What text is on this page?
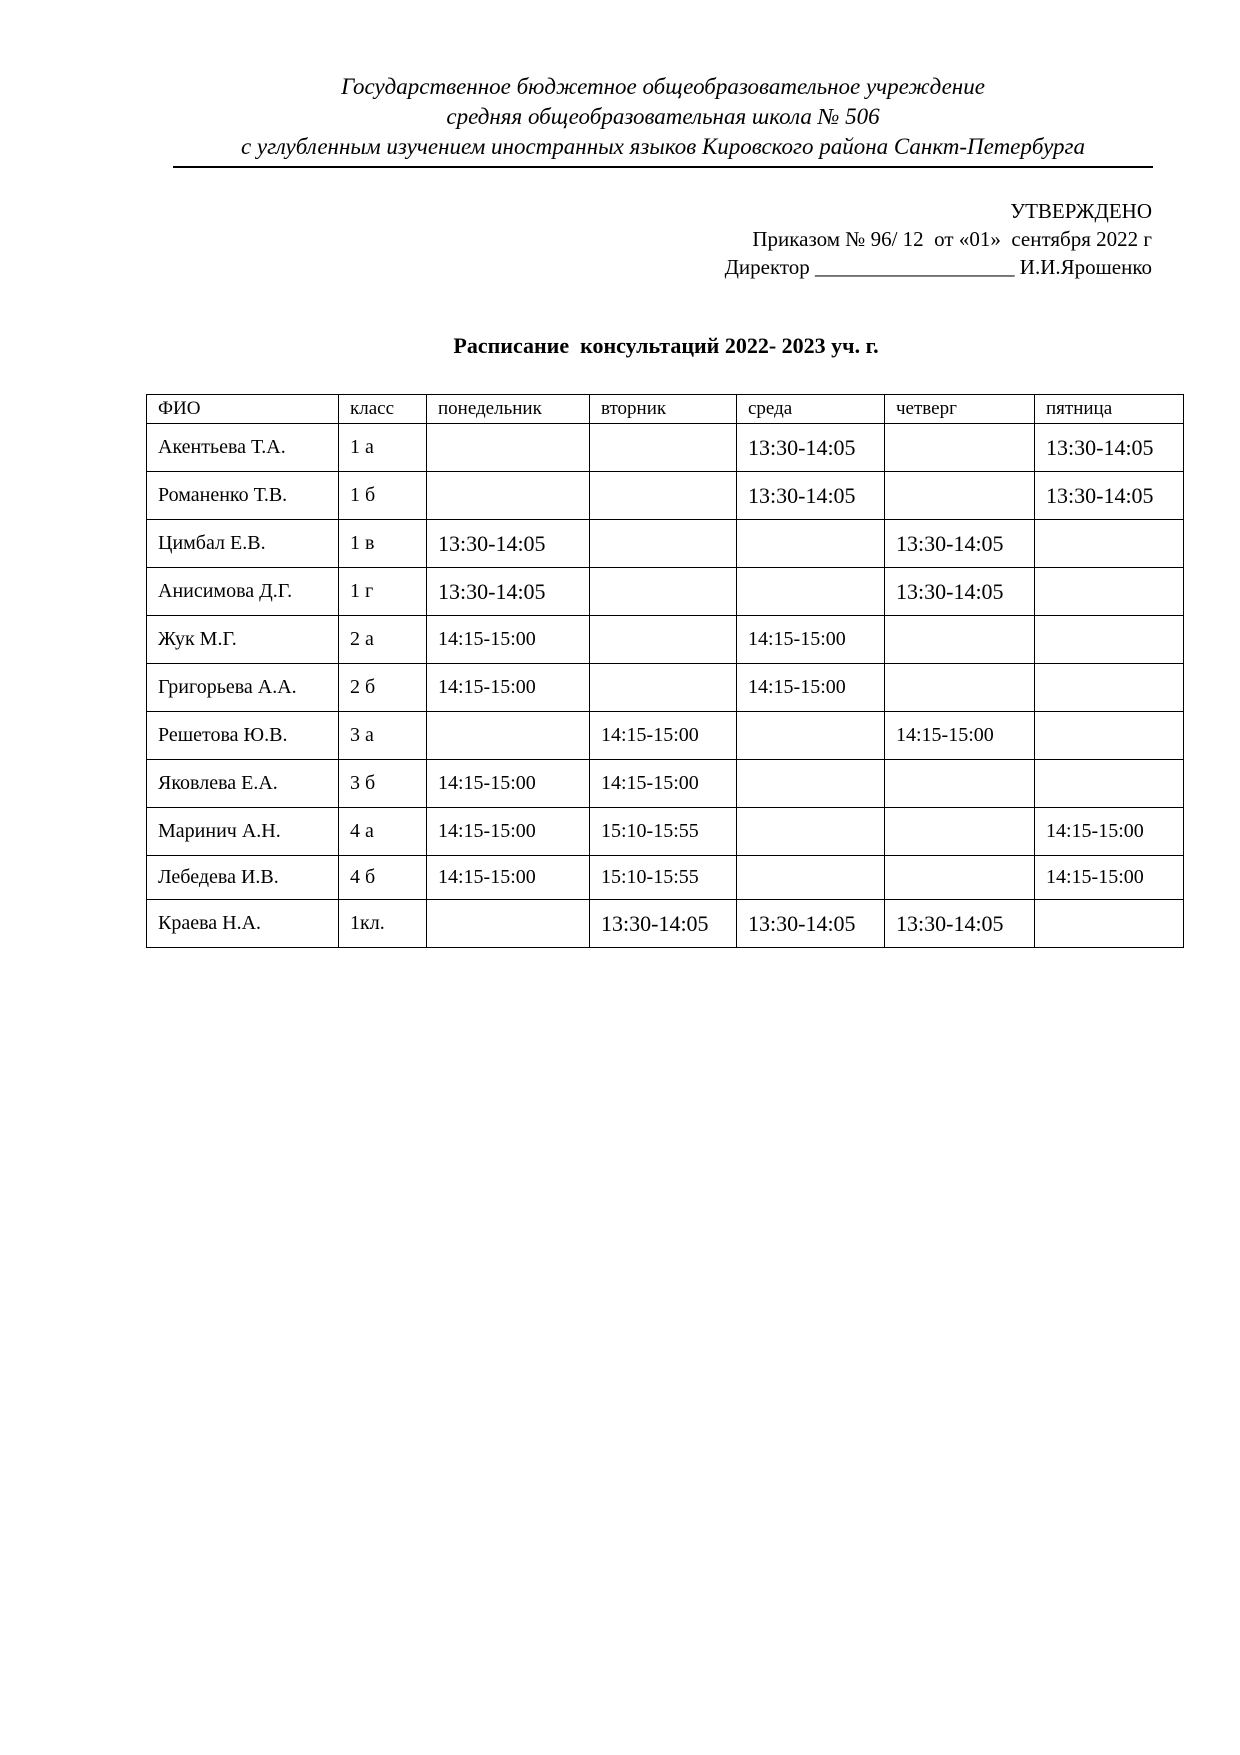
Государственное бюджетное общеобразовательное учреждение
средняя общеобразовательная школа № 506
с углубленным изучением иностранных языков Кировского района Санкт-Петербурга
УТВЕРЖДЕНО
Приказом № 96/ 12  от «01»  сентября 2022 г
Директор ___________________ И.И.Ярошенко
Расписание  консультаций 2022- 2023 уч. г.
ФИО	класс	понедельник	вторник	среда	четверг	пятница
Акентьева Т.А.	1 а			13:30-14:05		13:30-14:05
Романенко Т.В.	1 б			13:30-14:05		13:30-14:05
Цимбал Е.В.	1 в	13:30-14:05			13:30-14:05	
Анисимова Д.Г.	1 г	13:30-14:05			13:30-14:05	
Жук М.Г.	2 а	14:15-15:00		14:15-15:00		
Григорьева А.А.	2 б	14:15-15:00		14:15-15:00		
Решетова Ю.В.	3 а		14:15-15:00		14:15-15:00	
Яковлева Е.А.	3 б	14:15-15:00	14:15-15:00			
Маринич А.Н.	4 а	14:15-15:00	15:10-15:55			14:15-15:00
Лебедева И.В.	4 б	14:15-15:00	15:10-15:55			14:15-15:00
Краева Н.А.	1кл.		13:30-14:05	13:30-14:05	13:30-14:05	
